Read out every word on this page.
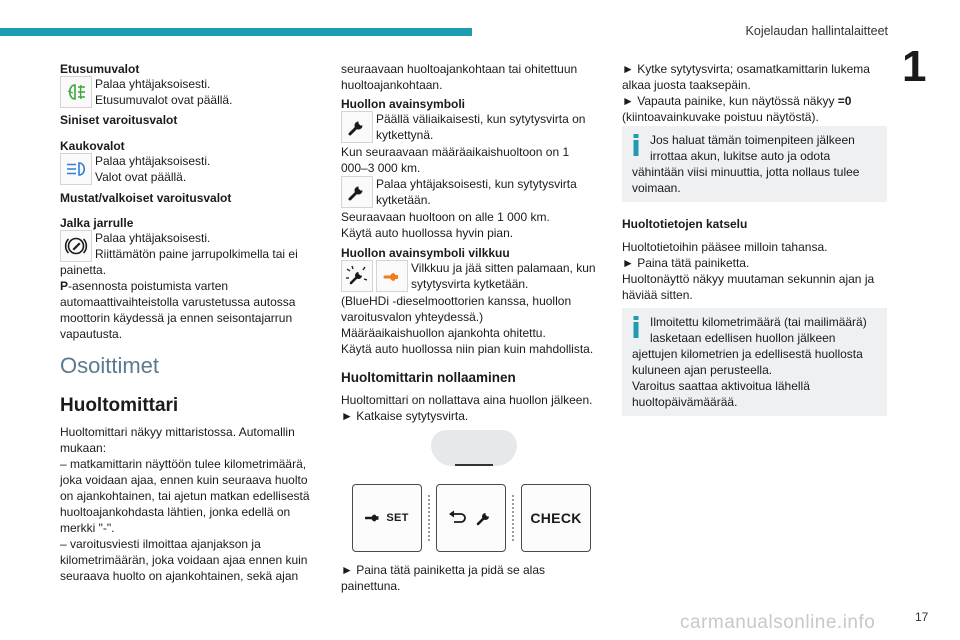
Kojelaudan hallintalaitteet
1
Etusumuvalot
Palaa yhtäjaksoisesti.
Etusumuvalot ovat päällä.
Siniset varoitusvalot
Kaukovalot
Palaa yhtäjaksoisesti.
Valot ovat päällä.
Mustat/valkoiset varoitusvalot
Jalka jarrulle
Palaa yhtäjaksoisesti.
Riittämätön paine jarrupolkimella tai ei
painetta.
P-asennosta poistumista varten
automaattivaihteistolla varustetussa autossa
moottorin käydessä ja ennen seisontajarrun
vapautusta.
Osoittimet
Huoltomittari
Huoltomittari näkyy mittaristossa. Automallin
mukaan:
– matkamittarin näyttöön tulee kilometrimäärä,
joka voidaan ajaa, ennen kuin seuraava huolto
on ajankohtainen, tai ajetun matkan edellisestä
huoltoajankohdasta lähtien, jonka edellä on
merkki "-".
– varoitusviesti ilmoittaa ajanjakson ja
kilometrimäärän, joka voidaan ajaa ennen kuin
seuraava huolto on ajankohtainen, sekä ajan
seuraavaan huoltoajankohtaan tai ohitettuun
huoltoajankohtaan.
Huollon avainsymboli
Päällä väliaikaisesti, kun sytytysvirta on
kytkettynä.
Kun seuraavaan määräaikaishuoltoon on 1
000–3 000 km.
Palaa yhtäjaksoisesti, kun sytytysvirta
kytketään.
Seuraavaan huoltoon on alle 1 000 km.
Käytä auto huollossa hyvin pian.
Huollon avainsymboli vilkkuu
Vilkkuu ja jää sitten palamaan, kun
sytytysvirta kytketään.
(BlueHDi -dieselmoottorien kanssa, huollon
varoitusvalon yhteydessä.)
Määräaikaishuollon ajankohta ohitettu.
Käytä auto huollossa niin pian kuin mahdollista.
Huoltomittarin nollaaminen
Huoltomittari on nollattava aina huollon jälkeen.
► Katkaise sytytysvirta.
SET	CHECK
► Paina tätä painiketta ja pidä se alas
painettuna.
► Kytke sytytysvirta; osamatkamittarin lukema
alkaa juosta taaksepäin.
► Vapauta painike, kun näytössä näkyy =0
(kiintoavainkuvake poistuu näytöstä).
Jos haluat tämän toimenpiteen jälkeen
irrottaa akun, lukitse auto ja odota
vähintään viisi minuuttia, jotta nollaus tulee
voimaan.
Huoltotietojen katselu
Huoltotietoihin pääsee milloin tahansa.
► Paina tätä painiketta.
Huoltonäyttö näkyy muutaman sekunnin ajan ja
häviää sitten.
Ilmoitettu kilometrimäärä (tai mailimäärä)
lasketaan edellisen huollon jälkeen
ajettujen kilometrien ja edellisestä huollosta
kuluneen ajan perusteella.
Varoitus saattaa aktivoitua lähellä
huoltopäivämäärää.
carmanualsonline.info	17
